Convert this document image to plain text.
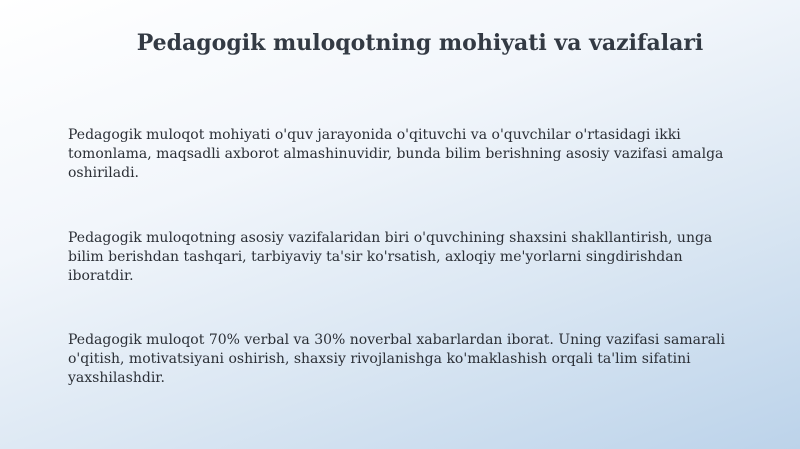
Pedagogik muloqotning mohiyati va vazifalari

Pedagogik muloqot mohiyati o'quv jarayonida o'qituvchi va o'quvchilar o'rtasidagi ikki tomonlama, maqsadli axborot almashinuvidir, bunda bilim berishning asosiy vazifasi amalga oshiriladi.

Pedagogik muloqotning asosiy vazifalaridan biri o'quvchining shaxsini shakllantirish, unga bilim berishdan tashqari, tarbiyaviy ta'sir ko'rsatish, axloqiy me'yorlarni singdirishdan iboratdir.

Pedagogik muloqot 70% verbal va 30% noverbal xabarlardan iborat. Uning vazifasi samarali o'qitish, motivatsiyani oshirish, shaxsiy rivojlanishga ko'maklashish orqali ta'lim sifatini yaxshilashdir.
